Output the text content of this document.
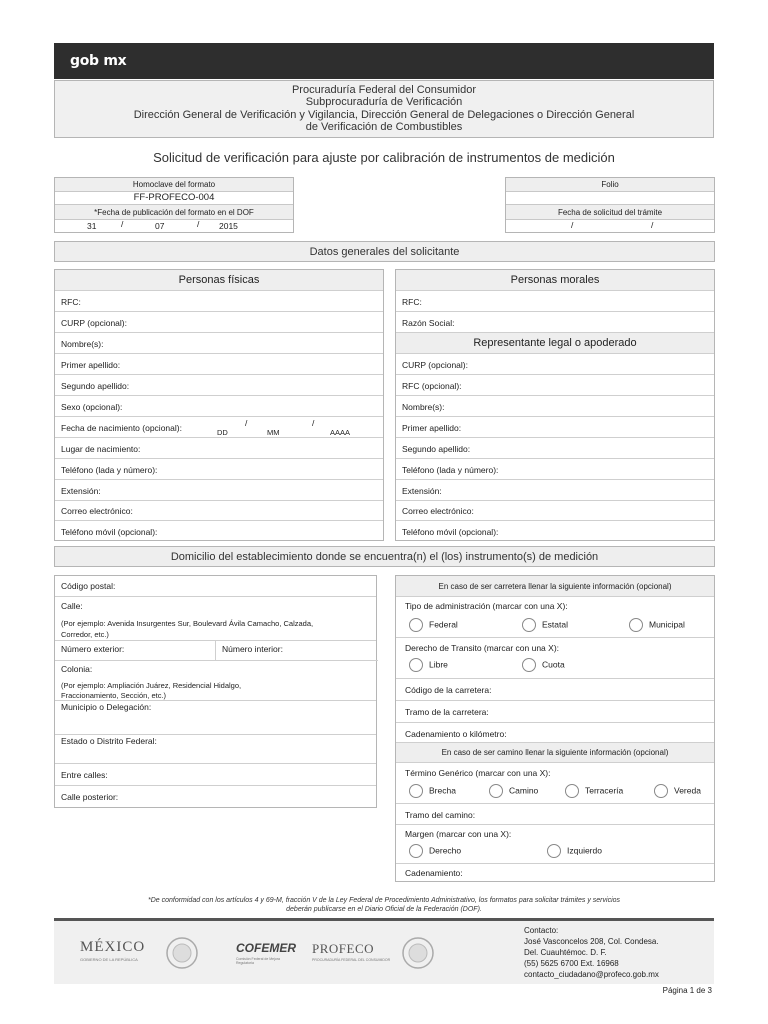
gob mx
Procuraduría Federal del Consumidor
Subprocuraduría de Verificación
Dirección General de Verificación y Vigilancia, Dirección General de Delegaciones o Dirección General
de Verificación de Combustibles
Solicitud de verificación para ajuste por calibración de instrumentos de medición
Homoclave del formato
FF-PROFECO-004
*Fecha de publicación del formato en el DOF
31	/	07	/ 2015
Folio
Fecha de solicitud del trámite
/	/
Datos generales del solicitante
Personas físicas
RFC:
CURP (opcional):
Nombre(s):
Primer apellido:
Segundo apellido:
Sexo (opcional):
Fecha de nacimiento (opcional):	/	/
DD	MM	AAAA
Lugar de nacimiento:
Teléfono (lada y número):
Extensión:
Correo electrónico:
Teléfono móvil (opcional):
Personas morales
RFC:
Razón Social:
Representante legal o apoderado
CURP (opcional):
RFC (opcional):
Nombre(s):
Primer apellido:
Segundo apellido:
Teléfono (lada y número):
Extensión:
Correo electrónico:
Teléfono móvil (opcional):
Domicilio del establecimiento donde se encuentra(n) el (los) instrumento(s) de medición
Código postal:
Calle:
(Por ejemplo: Avenida Insurgentes Sur, Boulevard Ávila Camacho, Calzada,
Corredor, etc.)
Número exterior:	Número interior:
Colonia:
(Por ejemplo: Ampliación Juárez, Residencial Hidalgo,
Fraccionamiento, Sección, etc.)
Municipio o Delegación:
Estado o Distrito Federal:
Entre calles:
Calle posterior:
En caso de ser carretera llenar la siguiente información (opcional)
Tipo de administración (marcar con una X):
Federal	Estatal	Municipal
Derecho de Transito (marcar con una X):
Libre	Cuota
Código de la carretera:
Tramo de la carretera:
Cadenamiento o kilómetro:
En caso de ser camino llenar la siguiente información (opcional)
Término Genérico (marcar con una X):
Brecha	Camino	Terracería	Vereda
Tramo del camino:
Margen (marcar con una X):
Derecho	Izquierdo
Cadenamiento:
*De conformidad con los artículos 4 y 69-M, fracción V de la Ley Federal de Procedimiento Administrativo, los formatos para solicitar trámites y servicios
deberán publicarse en el Diario Oficial de la Federación (DOF).
MÉXICO
GOBIERNO DE LA REPÚBLICA
COFEMER
Comisión Federal de Mejora Regulatoria
PROFECO
PROCURADURÍA FEDERAL DEL CONSUMIDOR
Contacto:
José Vasconcelos 208, Col. Condesa.
Del. Cuauhtémoc. D. F.
(55) 5625 6700 Ext. 16968
contacto_ciudadano@profeco.gob.mx
Página 1 de 3
